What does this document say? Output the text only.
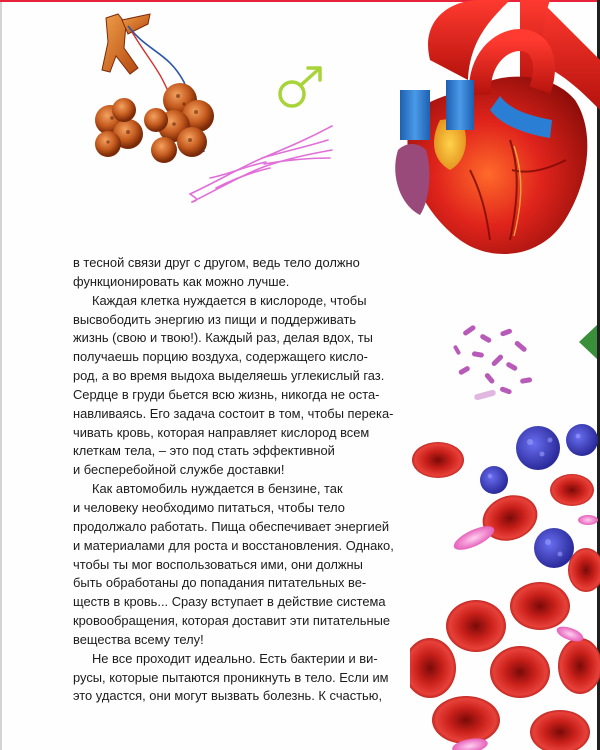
в тесной связи друг с другом, ведь тело должно
функционировать как можно лучше.

Каждая клетка нуждается в кислороде, чтобы
высвободить энергию из пищи и поддерживать
жизнь (свою и твою!). Каждый раз, делая вдох, ты
получаешь порцию воздуха, содержащего кисло-
род, а во время выдоха выделяешь углекислый газ.
Сердце в груди бьется всю жизнь, никогда не оста-
навливаясь. Его задача состоит в том, чтобы перека-
чивать кровь, которая направляет кислород всем
клеткам тела, – это под стать эффективной
и бесперебойной службе доставки!

Как автомобиль нуждается в бензине, так
и человеку необходимо питаться, чтобы тело
продолжало работать. Пища обеспечивает энергией
и материалами для роста и восстановления. Однако,
чтобы ты мог воспользоваться ими, они должны
быть обработаны до попадания питательных ве-
ществ в кровь... Сразу вступает в действие система
кровообращения, которая доставит эти питательные
вещества всему телу!

Не все проходит идеально. Есть бактерии и ви-
русы, которые пытаются проникнуть в тело. Если им
это удастся, они могут вызвать болезнь. К счастью,
